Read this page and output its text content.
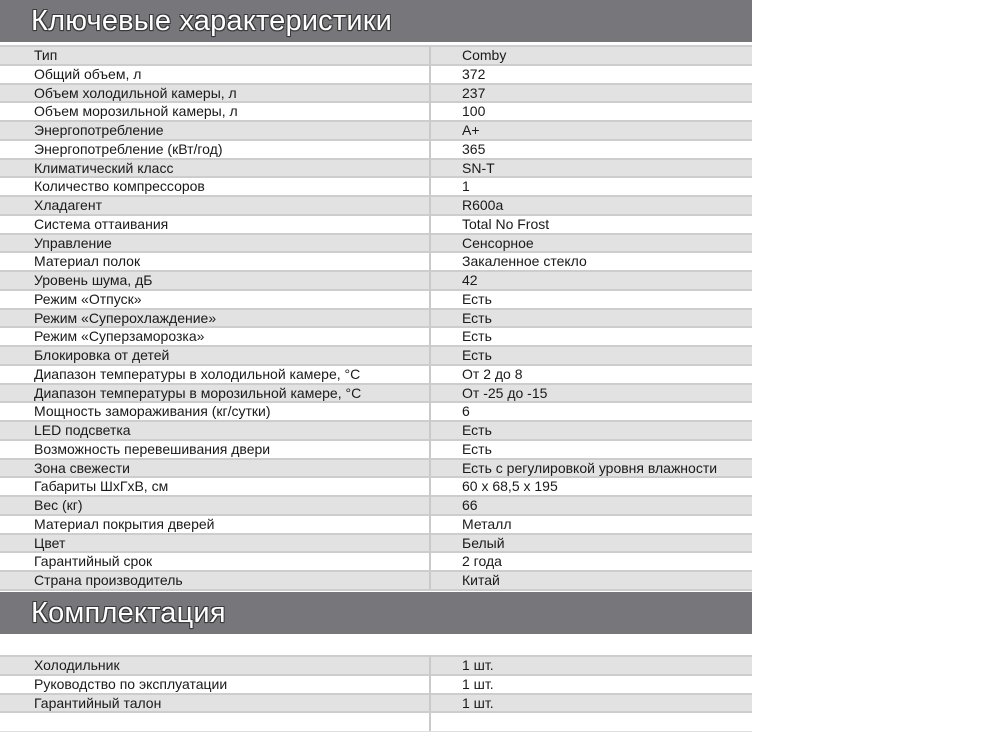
Ключевые характеристики
Тип	Comby
Общий объем, л	372
Объем холодильной камеры, л	237
Объем морозильной камеры, л	100
Энергопотребление	A+
Энергопотребление (кВт/год)	365
Климатический класс	SN-T
Количество компрессоров	1
Хладагент	R600a
Система оттаивания	Total No Frost
Управление	Сенсорное
Материал полок	Закаленное стекло
Уровень шума, дБ	42
Режим «Отпуск»	Есть
Режим «Суперохлаждение»	Есть
Режим «Суперзаморозка»	Есть
Блокировка от детей	Есть
Диапазон температуры в холодильной камере, °С	От 2 до 8
Диапазон температуры в морозильной камере, °С	От -25 до -15
Мощность замораживания (кг/сутки)	6
LED подсветка	Есть
Возможность перевешивания двери	Есть
Зона свежести	Есть с регулировкой уровня влажности
Габариты ШхГхВ, см	60 х 68,5 х 195
Вес (кг)	66
Материал покрытия дверей	Металл
Цвет	Белый
Гарантийный срок	2 года
Страна производитель	Китай
Комплектация
Холодильник	1 шт.
Руководство по эксплуатации	1 шт.
Гарантийный талон	1 шт.
